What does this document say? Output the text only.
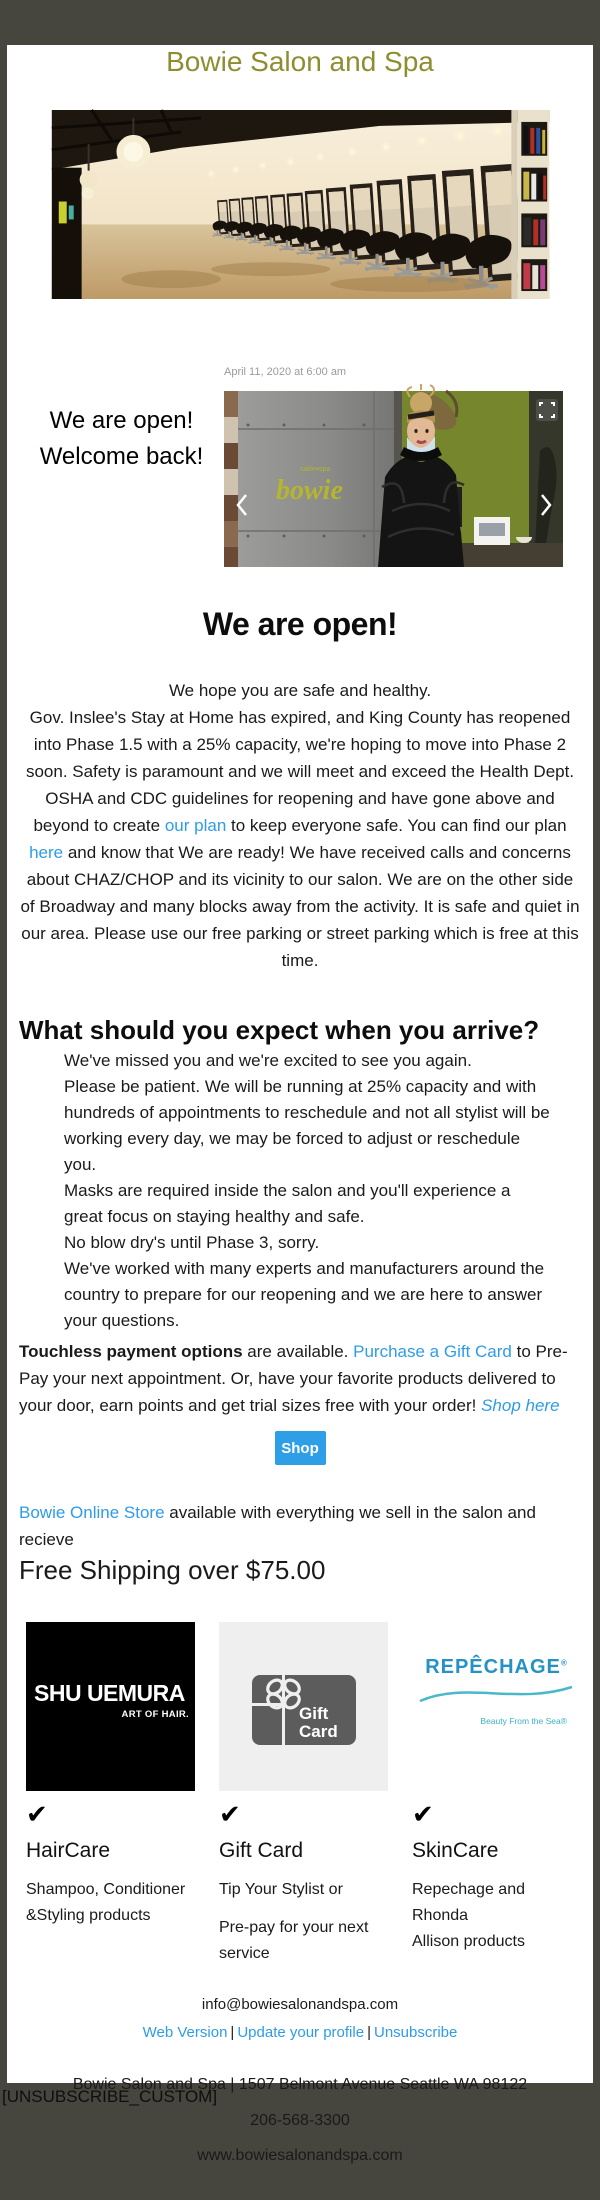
Bowie Salon and Spa
We are open!
Welcome back!
April 11, 2020 at 6:00 am
salon•spa
bowie
We are open!

We hope you are safe and healthy.

Gov. Inslee's Stay at Home has expired, and King County has reopened into Phase 1.5 with a 25% capacity, we're hoping to move into Phase 2 soon. Safety is paramount and we will meet and exceed the Health Dept. OSHA and CDC guidelines for reopening and have gone above and beyond to create our plan to keep everyone safe. You can find our plan here and know that We are ready! We have received calls and concerns about CHAZ/CHOP and its vicinity to our salon. We are on the other side of Broadway and many blocks away from the activity. It is safe and quiet in our area. Please use our free parking or street parking which is free at this time.

What should you expect when you arrive?

We've missed you and we're excited to see you again.

Please be patient. We will be running at 25% capacity and with hundreds of appointments to reschedule and not all stylist will be working every day, we may be forced to adjust or reschedule you.

Masks are required inside the salon and you'll experience a great focus on staying healthy and safe.

No blow dry's until Phase 3, sorry.

We've worked with many experts and manufacturers around the country to prepare for our reopening and we are here to answer your questions.

Touchless payment options are available. Purchase a Gift Card to Pre-Pay your next appointment. Or, have your favorite products delivered to your door, earn points and get trial sizes free with your order! Shop here

Shop

Bowie Online Store available with everything we sell in the salon and recieve

Free Shipping over $75.00
SHU UEMURA
ART OF HAIR.
✔
HairCare
Shampoo, Conditioner
&Styling products
Gift
Card
✔
Gift Card
Tip Your Stylist or
Pre-pay for your next service
REPÊCHAGE®
Beauty From the Sea®
✔
SkinCare
Repechage and Rhonda
Allison products
info@bowiesalonandspa.com
Web Version | Update your profile | Unsubscribe
Bowie Salon and Spa | 1507 Belmont Avenue Seattle WA 98122
206-568-3300
www.bowiesalonandspa.com
[UNSUBSCRIBE_CUSTOM]
